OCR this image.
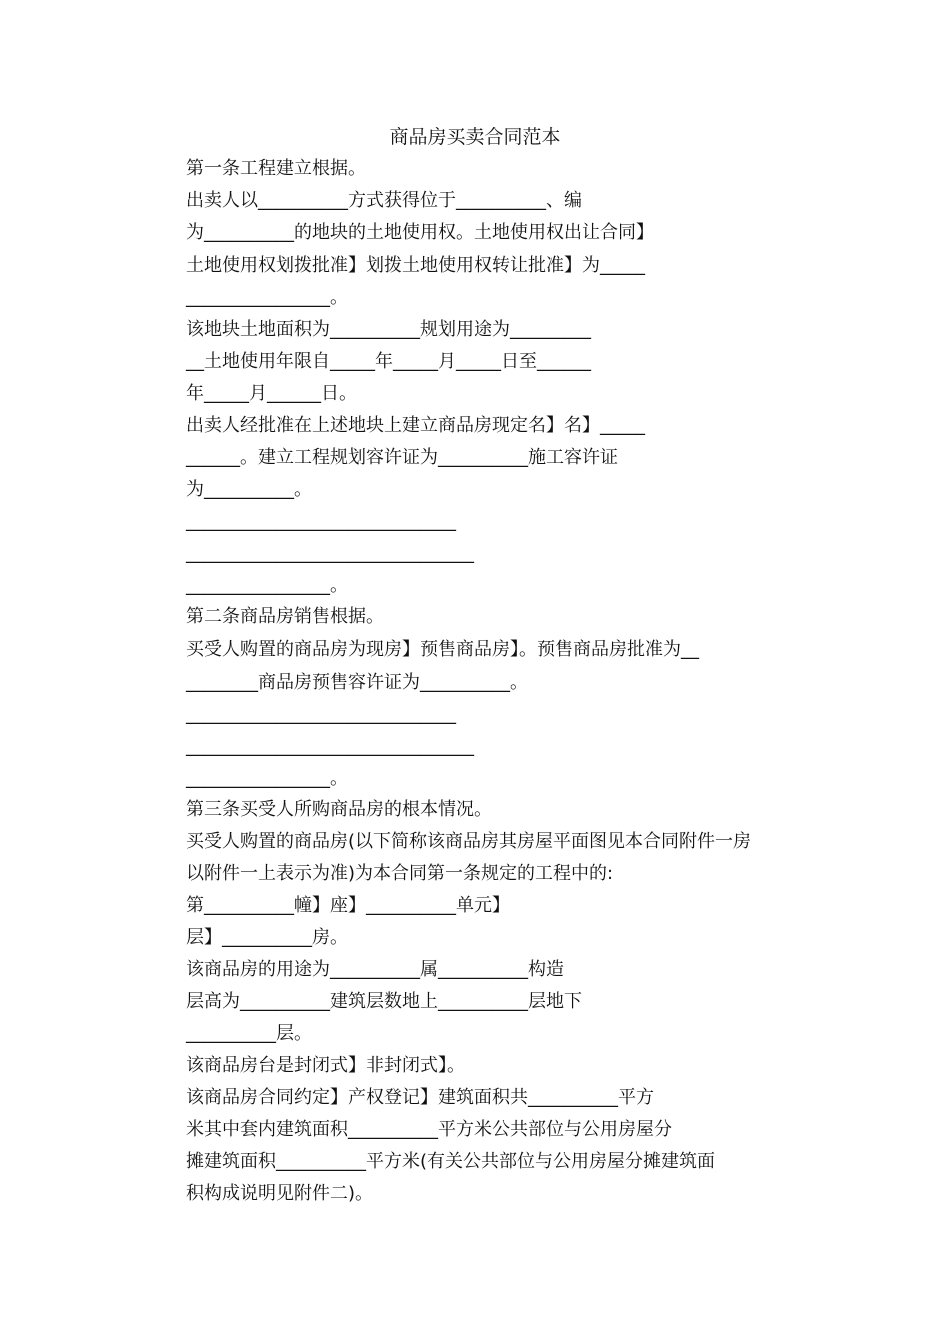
商品房买卖合同范本
第一条工程建立根据。
出卖人以__________方式获得位于__________、编
为__________的地块的土地使用权。土地使用权出让合同】
土地使用权划拨批准】划拨土地使用权转让批准】为_____
________________。
该地块土地面积为__________规划用途为_________
__土地使用年限自_____年_____月_____日至______
年_____月______日。
出卖人经批准在上述地块上建立商品房现定名】名】_____
______。建立工程规划容许证为__________施工容许证
为__________。
______________________________
________________________________
________________。
第二条商品房销售根据。
买受人购置的商品房为现房】预售商品房】。预售商品房批准为__
________商品房预售容许证为__________。
______________________________
________________________________
________________。
第三条买受人所购商品房的根本情况。
买受人购置的商品房(以下简称该商品房其房屋平面图见本合同附件一房
以附件一上表示为准)为本合同第一条规定的工程中的:
第__________幢】座】__________单元】
层】__________房。
该商品房的用途为__________属__________构造
层高为__________建筑层数地上__________层地下
__________层。
该商品房台是封闭式】非封闭式】。
该商品房合同约定】产权登记】建筑面积共__________平方
米其中套内建筑面积__________平方米公共部位与公用房屋分
摊建筑面积__________平方米(有关公共部位与公用房屋分摊建筑面
积构成说明见附件二)。
